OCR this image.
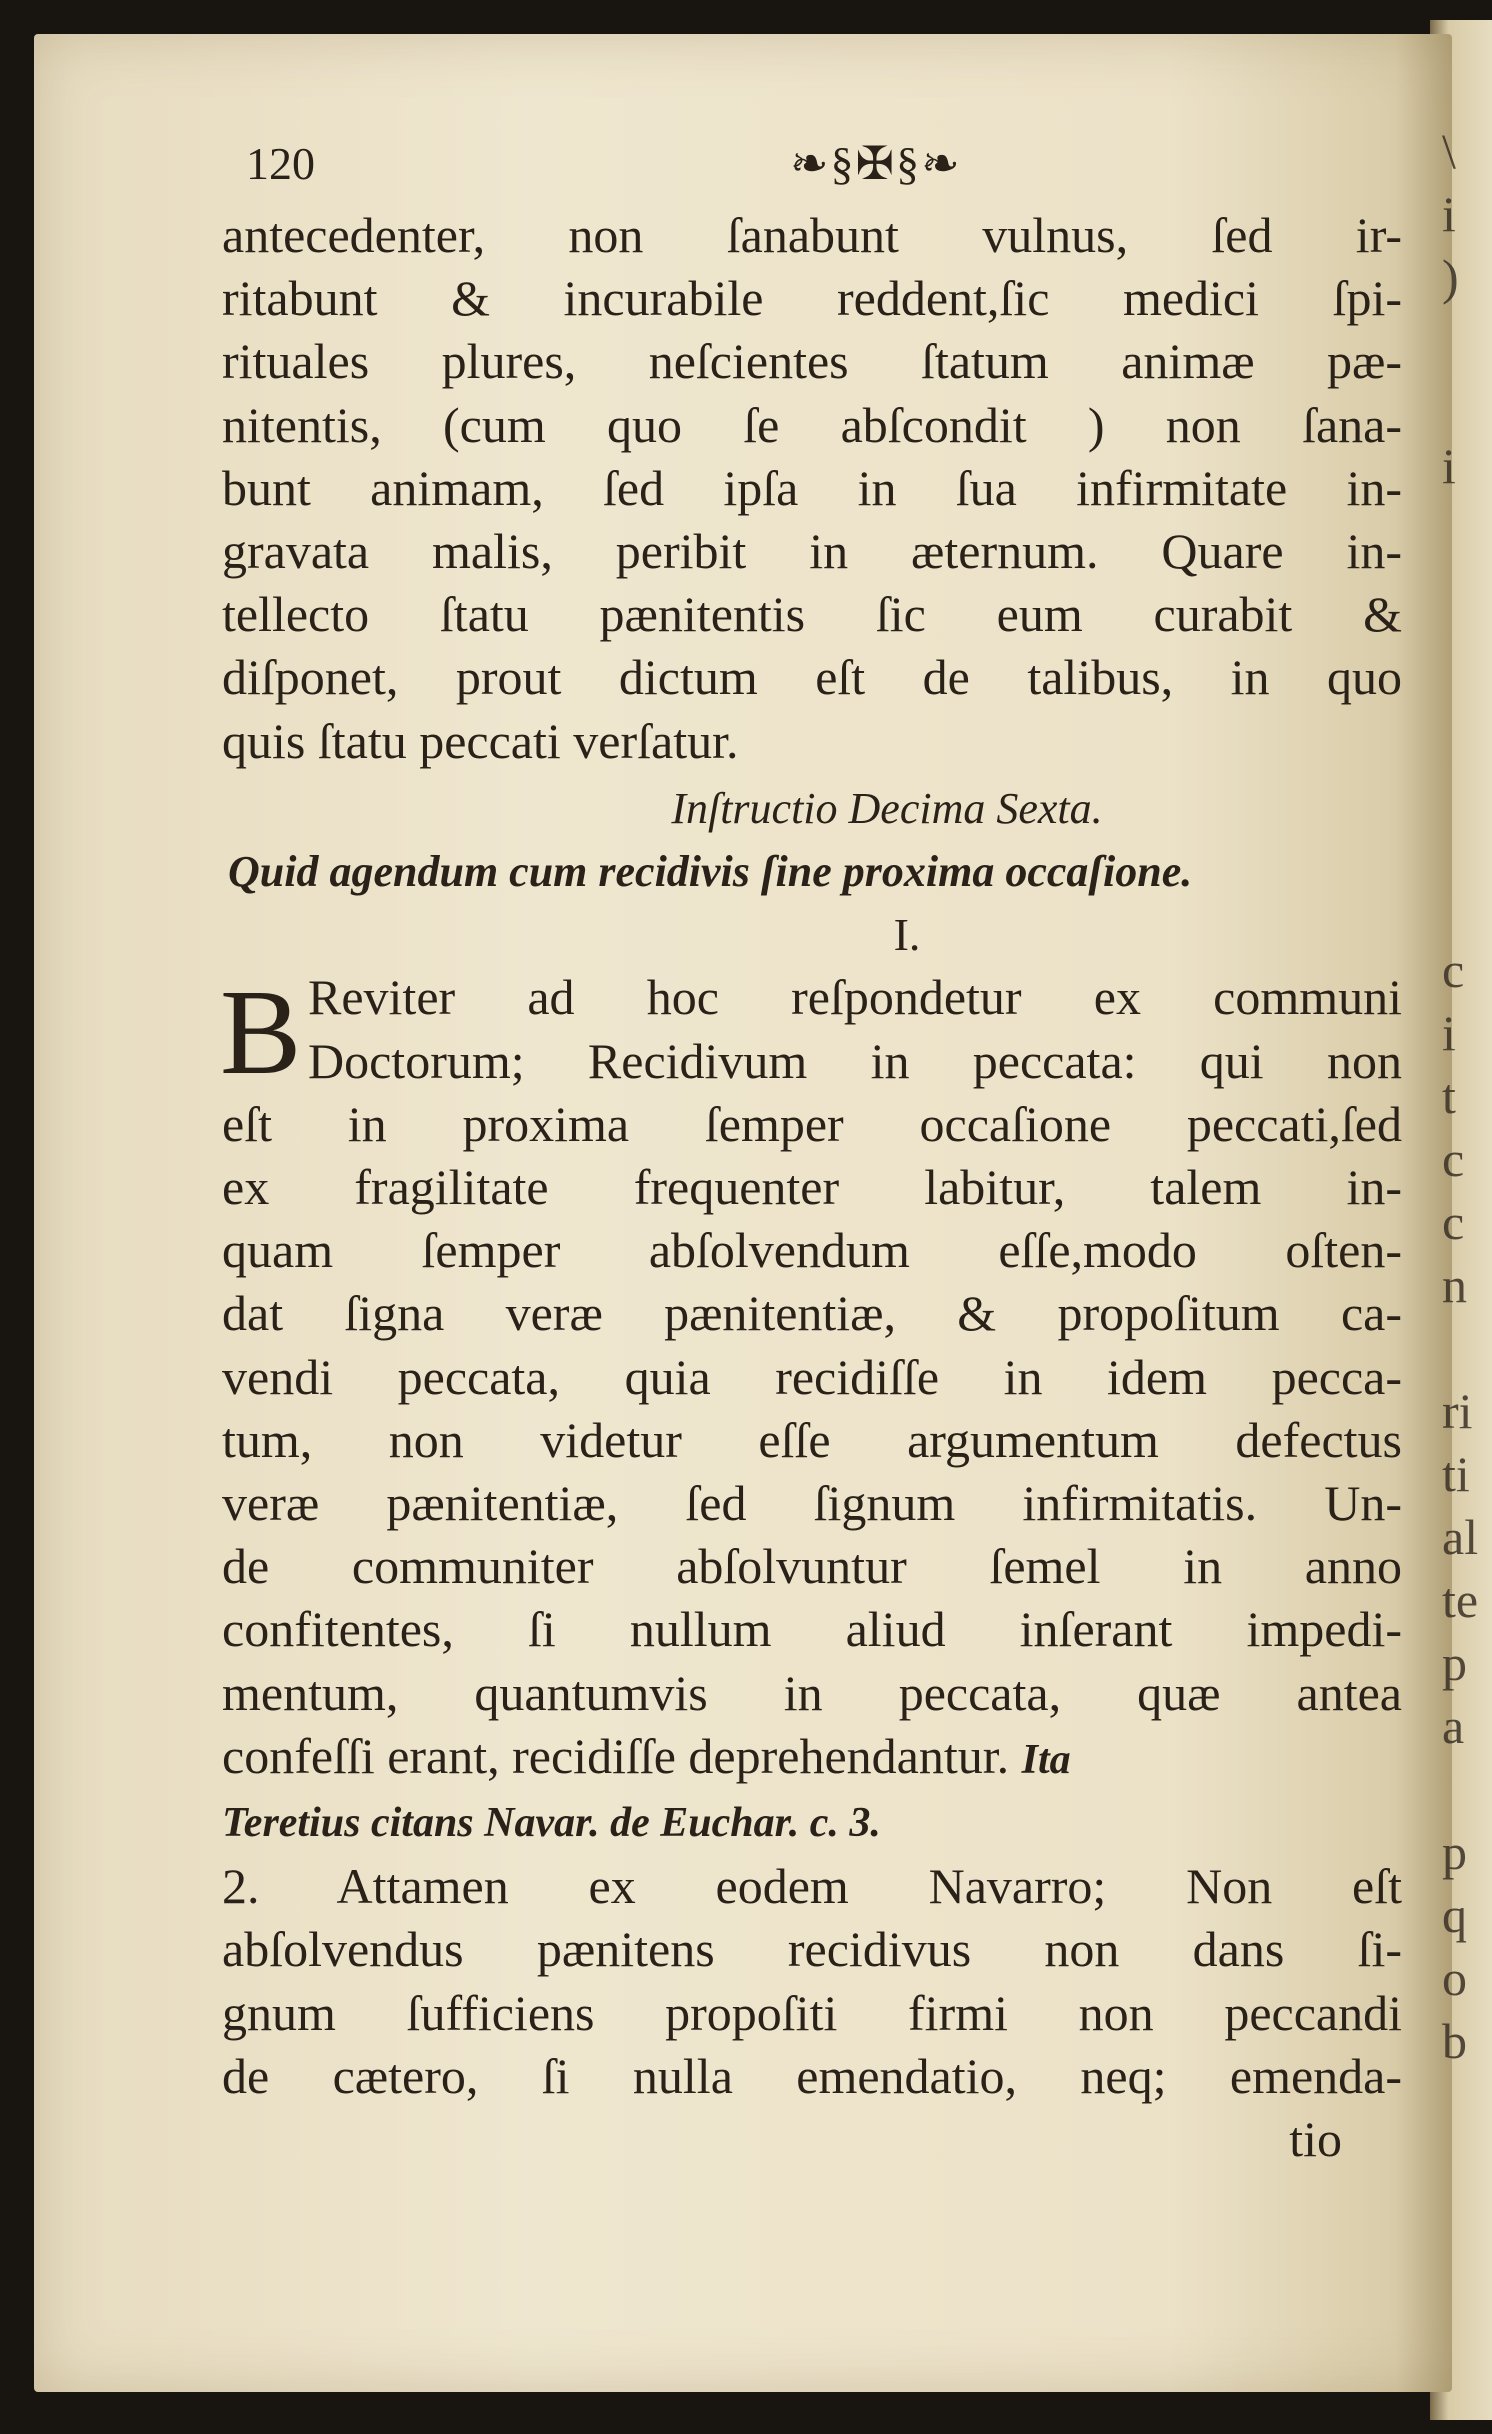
\
i
)
i
c
i
t
c
c
n
ri
ti
al
te
p
a
p
q
o
b
120	❧§✠§❧
antecedenter, non ſanabunt vulnus, ſed ir-
ritabunt & incurabile reddent,ſic medici ſpi-
rituales plures, neſcientes ſtatum animæ pæ-
nitentis, (cum quo ſe abſcondit ) non ſana-
bunt animam, ſed ipſa in ſua infirmitate in-
gravata malis, peribit in æternum. Quare in-
tellecto ſtatu pænitentis ſic eum curabit &
diſponet, prout dictum eſt de talibus, in quo
quis ſtatu peccati verſatur.
Inſtructio Decima Sexta.
Quid agendum cum recidivis ſine proxima occaſione.
I.
B Reviter ad hoc reſpondetur ex communi
Doctorum; Recidivum in peccata: qui non
eſt in proxima ſemper occaſione peccati,ſed
ex fragilitate frequenter labitur, talem in-
quam ſemper abſolvendum eſſe,modo oſten-
dat ſigna veræ pænitentiæ, & propoſitum ca-
vendi peccata, quia recidiſſe in idem pecca-
tum, non videtur eſſe argumentum defectus
veræ pænitentiæ, ſed ſignum infirmitatis. Un-
de communiter abſolvuntur ſemel in anno
confitentes, ſi nullum aliud inſerant impedi-
mentum, quantumvis in peccata, quæ antea
confeſſi erant, recidiſſe deprehendantur. Ita
Teretius citans Navar. de Euchar. c. 3.
2. Attamen ex eodem Navarro; Non eſt
abſolvendus pænitens recidivus non dans ſi-
gnum ſufficiens propoſiti firmi non peccandi
de cætero, ſi nulla emendatio, neq; emenda-
tio
